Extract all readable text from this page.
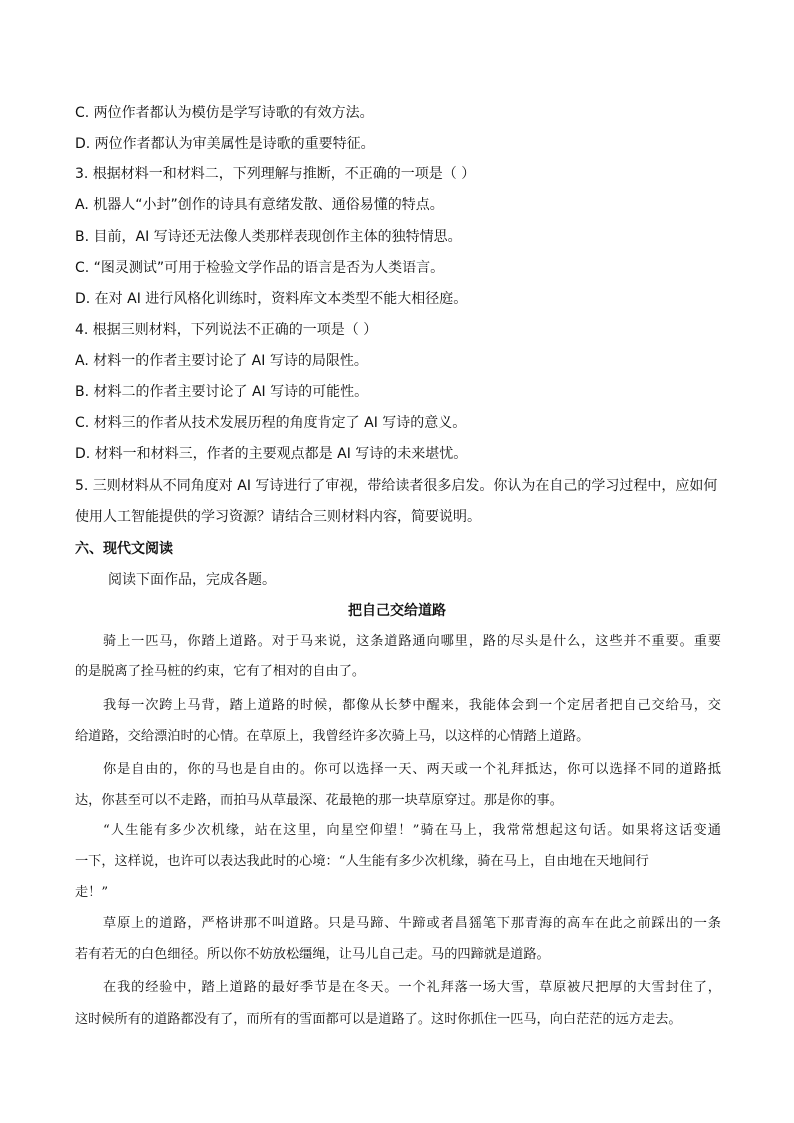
C. 两位作者都认为模仿是学写诗歌的有效方法。
D. 两位作者都认为审美属性是诗歌的重要特征。
3. 根据材料一和材料二，下列理解与推断，不正确的一项是（ ）
A. 机器人“小封”创作的诗具有意绪发散、通俗易懂的特点。
B. 目前，AI 写诗还无法像人类那样表现创作主体的独特情思。
C. “图灵测试”可用于检验文学作品的语言是否为人类语言。
D. 在对 AI 进行风格化训练时，资料库文本类型不能大相径庭。
4. 根据三则材料，下列说法不正确的一项是（ ）
A. 材料一的作者主要讨论了 AI 写诗的局限性。
B. 材料二的作者主要讨论了 AI 写诗的可能性。
C. 材料三的作者从技术发展历程的角度肯定了 AI 写诗的意义。
D. 材料一和材料三，作者的主要观点都是 AI 写诗的未来堪忧。
5. 三则材料从不同角度对 AI 写诗进行了审视，带给读者很多启发。你认为在自己的学习过程中，应如何
使用人工智能提供的学习资源？请结合三则材料内容，简要说明。
六、现代文阅读
阅读下面作品，完成各题。
把自己交给道路
骑上一匹马，你踏上道路。对于马来说，这条道路通向哪里，路的尽头是什么，这些并不重要。重要
的是脱离了拴马桩的约束，它有了相对的自由了。
我每一次跨上马背，踏上道路的时候，都像从长梦中醒来，我能体会到一个定居者把自己交给马，交
给道路，交给漂泊时的心情。在草原上，我曾经许多次骑上马，以这样的心情踏上道路。
你是自由的，你的马也是自由的。你可以选择一天、两天或一个礼拜抵达，你可以选择不同的道路抵
达，你甚至可以不走路，而拍马从草最深、花最艳的那一块草原穿过。那是你的事。
“人生能有多少次机缘，站在这里，向星空仰望！”骑在马上，我常常想起这句话。如果将这话变通
一下，这样说，也许可以表达我此时的心境：“人生能有多少次机缘，骑在马上，自由地在天地间行
走！”
草原上的道路，严格讲那不叫道路。只是马蹄、牛蹄或者昌猺笔下那青海的高车在此之前踩出的一条
若有若无的白色细径。所以你不妨放松缰绳，让马儿自己走。马的四蹄就是道路。
在我的经验中，踏上道路的最好季节是在冬天。一个礼拜落一场大雪，草原被尺把厚的大雪封住了，
这时候所有的道路都没有了，而所有的雪面都可以是道路了。这时你抓住一匹马，向白茫茫的远方走去。
